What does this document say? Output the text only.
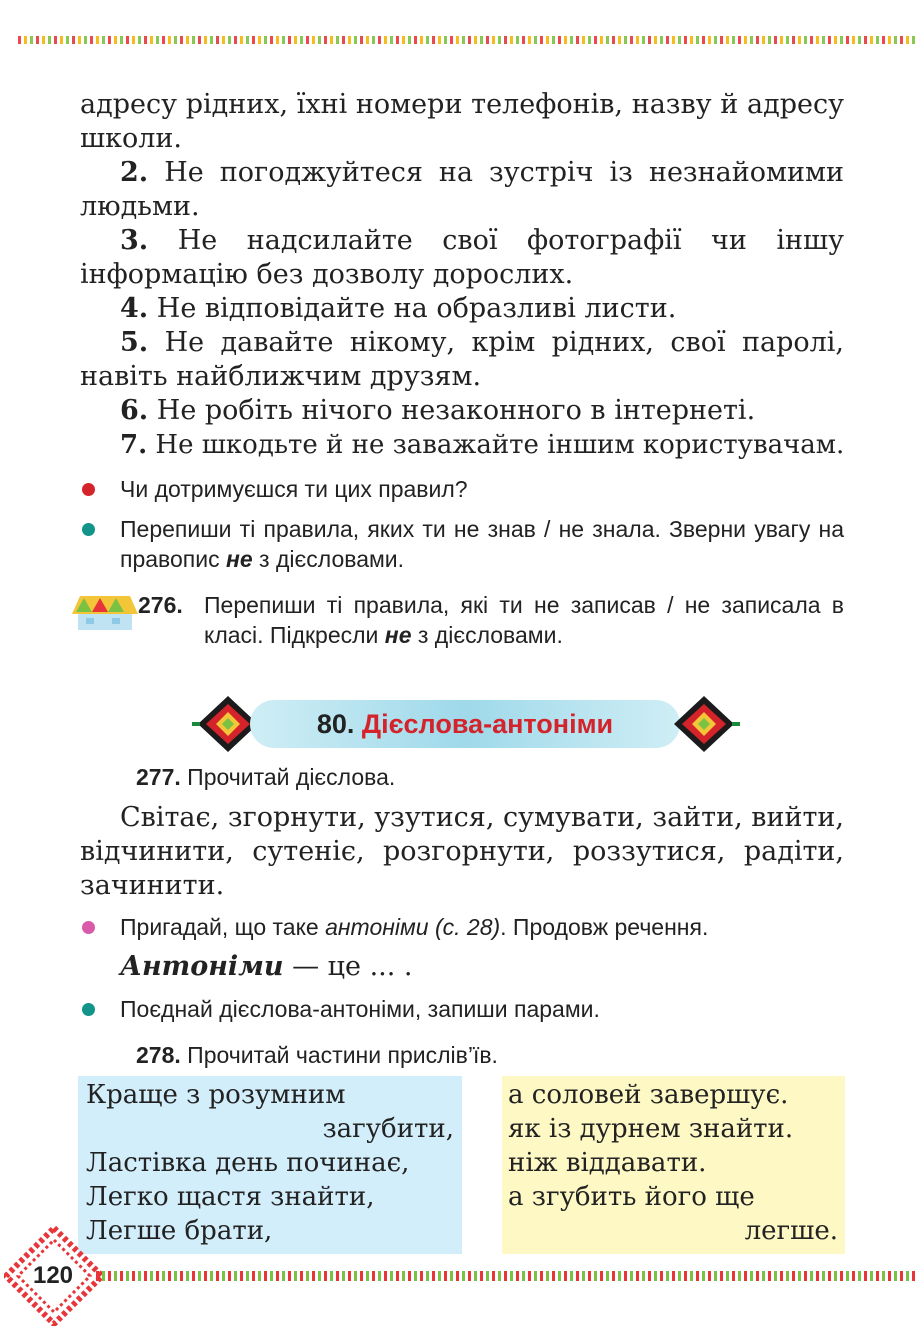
адресу рідних, їхні номери телефонів, назву й адресу школи.
2. Не погоджуйтеся на зустріч із незнайомими людьми.
3. Не надсилайте свої фотографії чи іншу інформацію без дозволу дорослих.
4. Не відповідайте на образливі листи.
5. Не давайте нікому, крім рідних, свої паролі, навіть найближчим друзям.
6. Не робіть нічого незаконного в інтернеті.
7. Не шкодьте й не заважайте іншим користувачам.
Чи дотримуєшся ти цих правил?
Перепиши ті правила, яких ти не знав / не знала. Зверни увагу на правопис не з дієсловами.
276. Перепиши ті правила, які ти не записав / не записала в класі. Підкресли не з дієсловами.
80. Дієслова-антоніми
277. Прочитай дієслова.
Світає, згорнути, узутися, сумувати, зайти, вийти, відчинити, сутеніє, розгорнути, роззутися, радіти, зачинити.
Пригадай, що таке антоніми (с. 28). Продовж речення.
Антоніми — це ... .
Поєднай дієслова-антоніми, запиши парами.
278. Прочитай частини прислів’їв.
Краще з розумним
загубити,
Ластівка день починає,
Легко щастя знайти,
Легше брати,
а соловей завершує.
як із дурнем знайти.
ніж віддавати.
а згубить його ще
легше.
120
